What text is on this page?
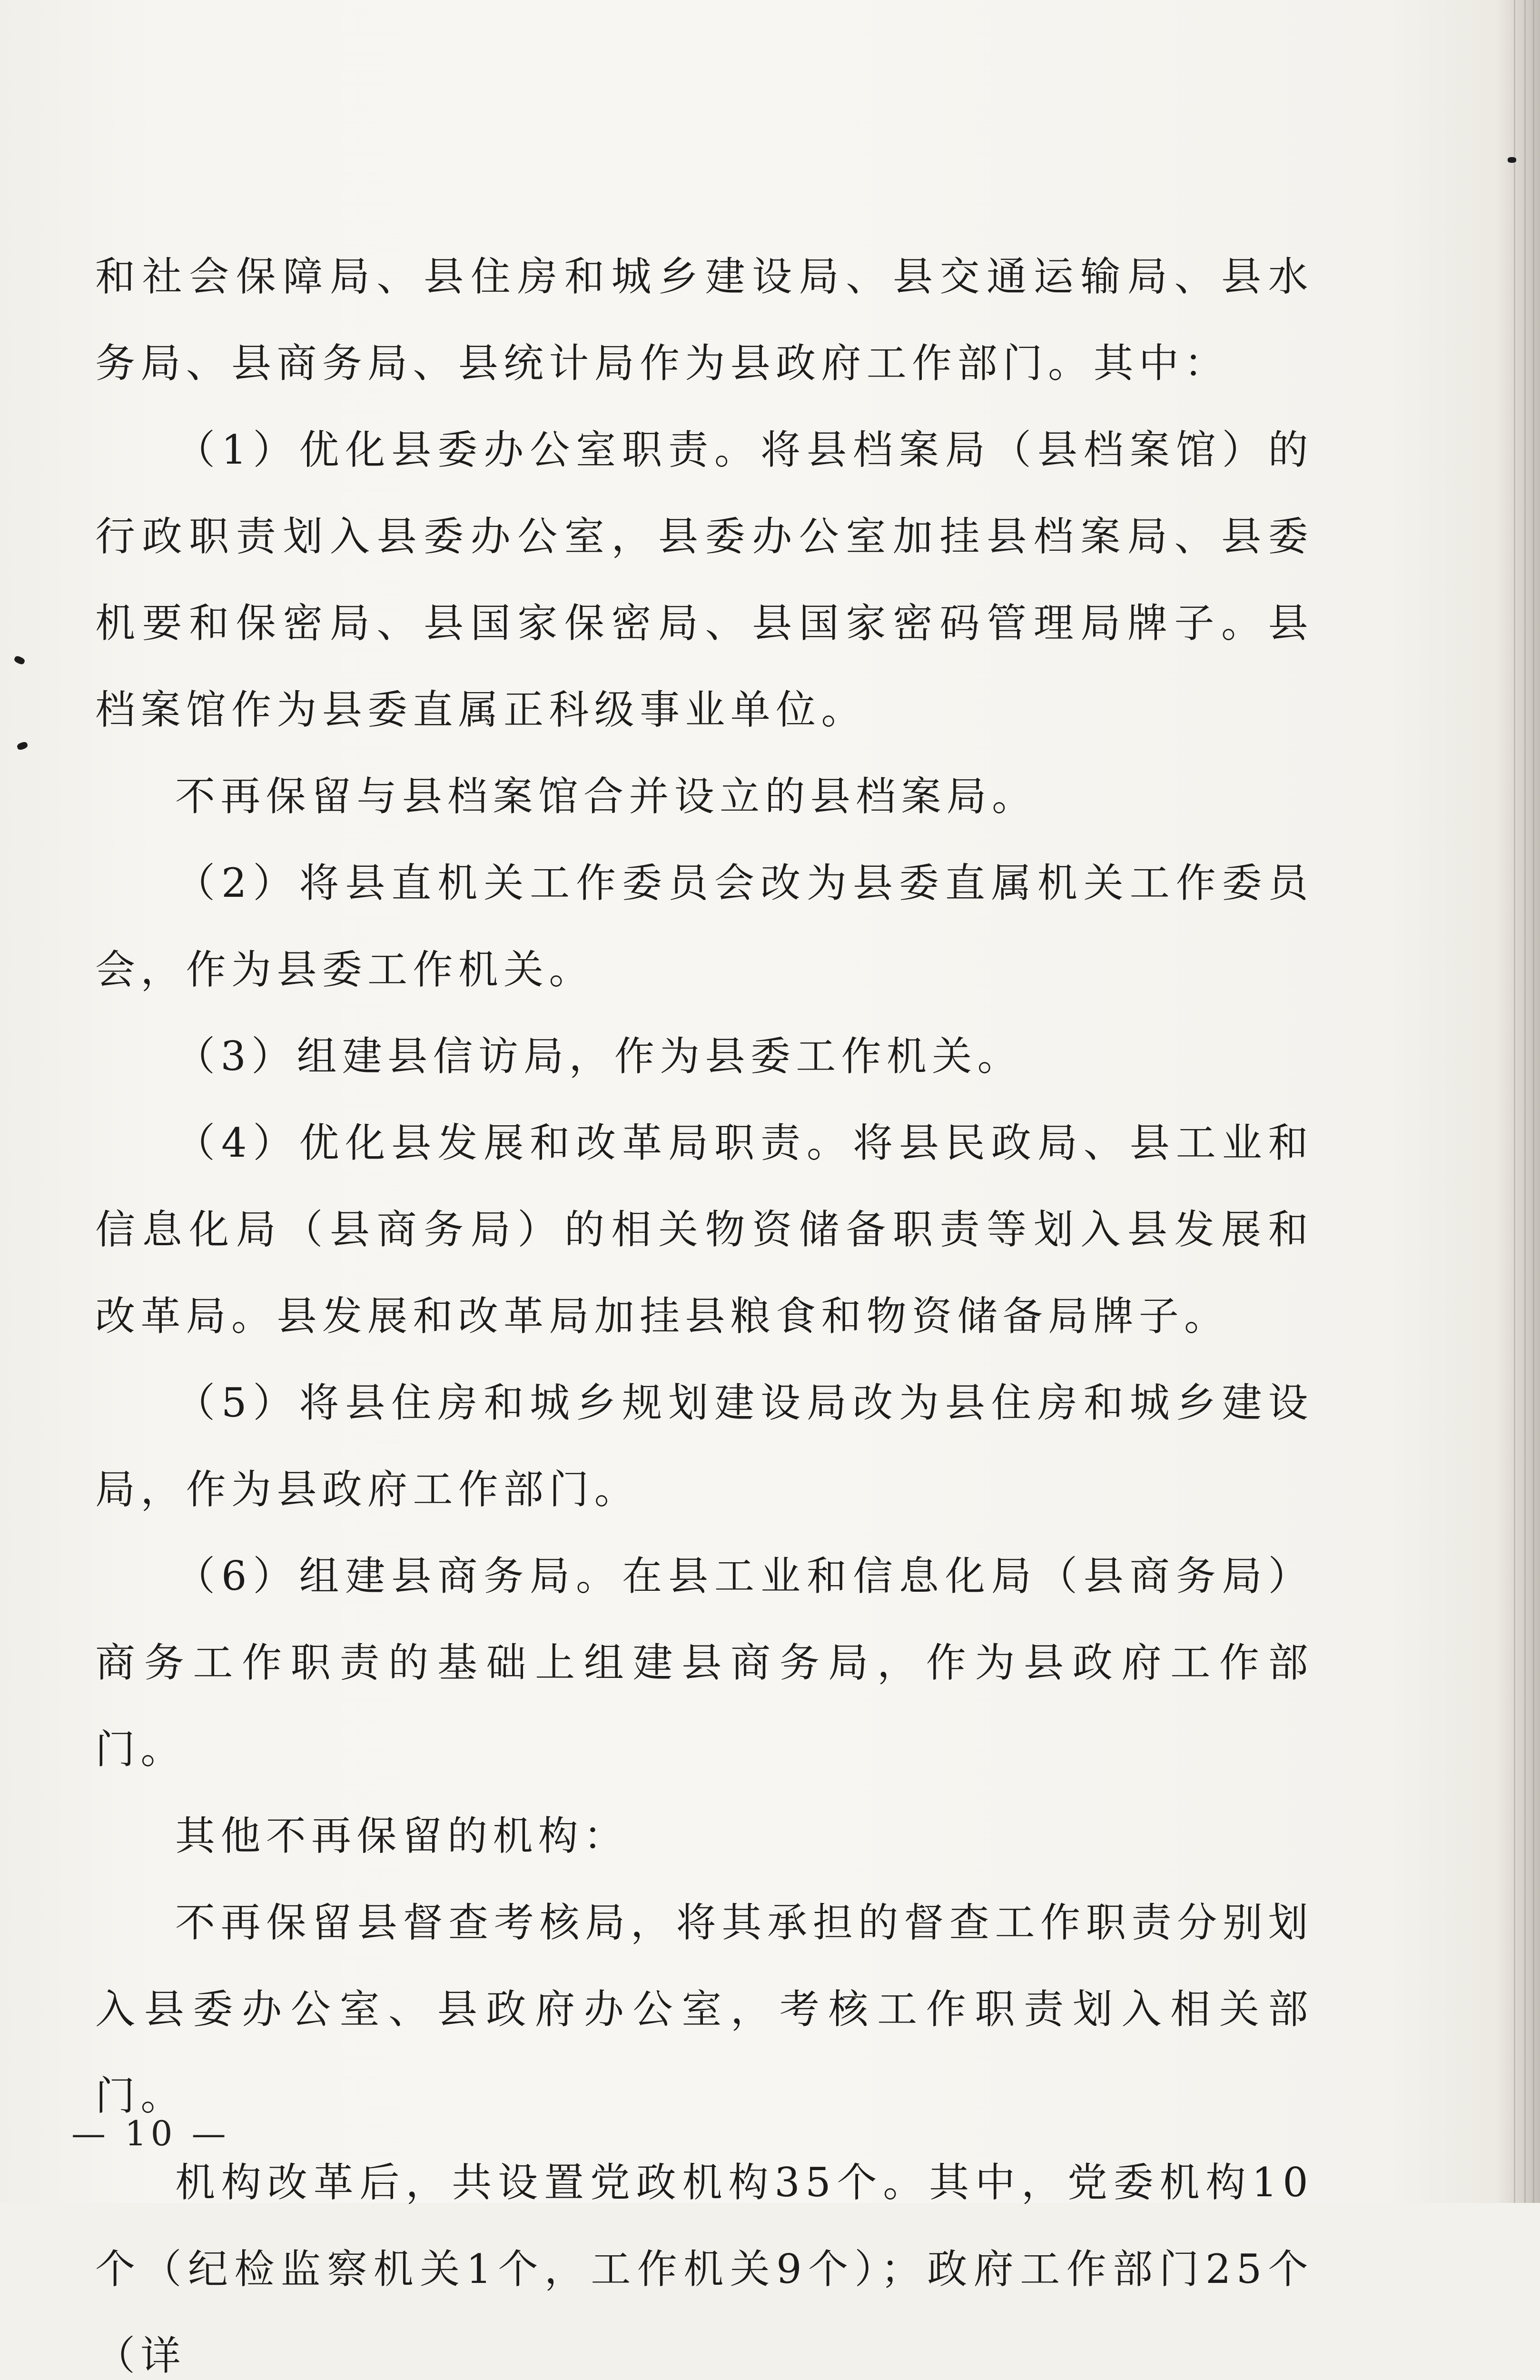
和社会保障局、县住房和城乡建设局、县交通运输局、县水务局、县商务局、县统计局作为县政府工作部门。其中：

（1）优化县委办公室职责。将县档案局（县档案馆）的行政职责划入县委办公室，县委办公室加挂县档案局、县委机要和保密局、县国家保密局、县国家密码管理局牌子。县档案馆作为县委直属正科级事业单位。

不再保留与县档案馆合并设立的县档案局。

（2）将县直机关工作委员会改为县委直属机关工作委员会，作为县委工作机关。

（3）组建县信访局，作为县委工作机关。

（4）优化县发展和改革局职责。将县民政局、县工业和信息化局（县商务局）的相关物资储备职责等划入县发展和改革局。县发展和改革局加挂县粮食和物资储备局牌子。

（5）将县住房和城乡规划建设局改为县住房和城乡建设局，作为县政府工作部门。

（6）组建县商务局。在县工业和信息化局（县商务局）商务工作职责的基础上组建县商务局，作为县政府工作部门。

其他不再保留的机构：

不再保留县督查考核局，将其承担的督查工作职责分别划入县委办公室、县政府办公室，考核工作职责划入相关部门。

机构改革后，共设置党政机构35个。其中，党委机构10个（纪检监察机关1个，工作机关9个）；政府工作部门25个（详

— 10 —
